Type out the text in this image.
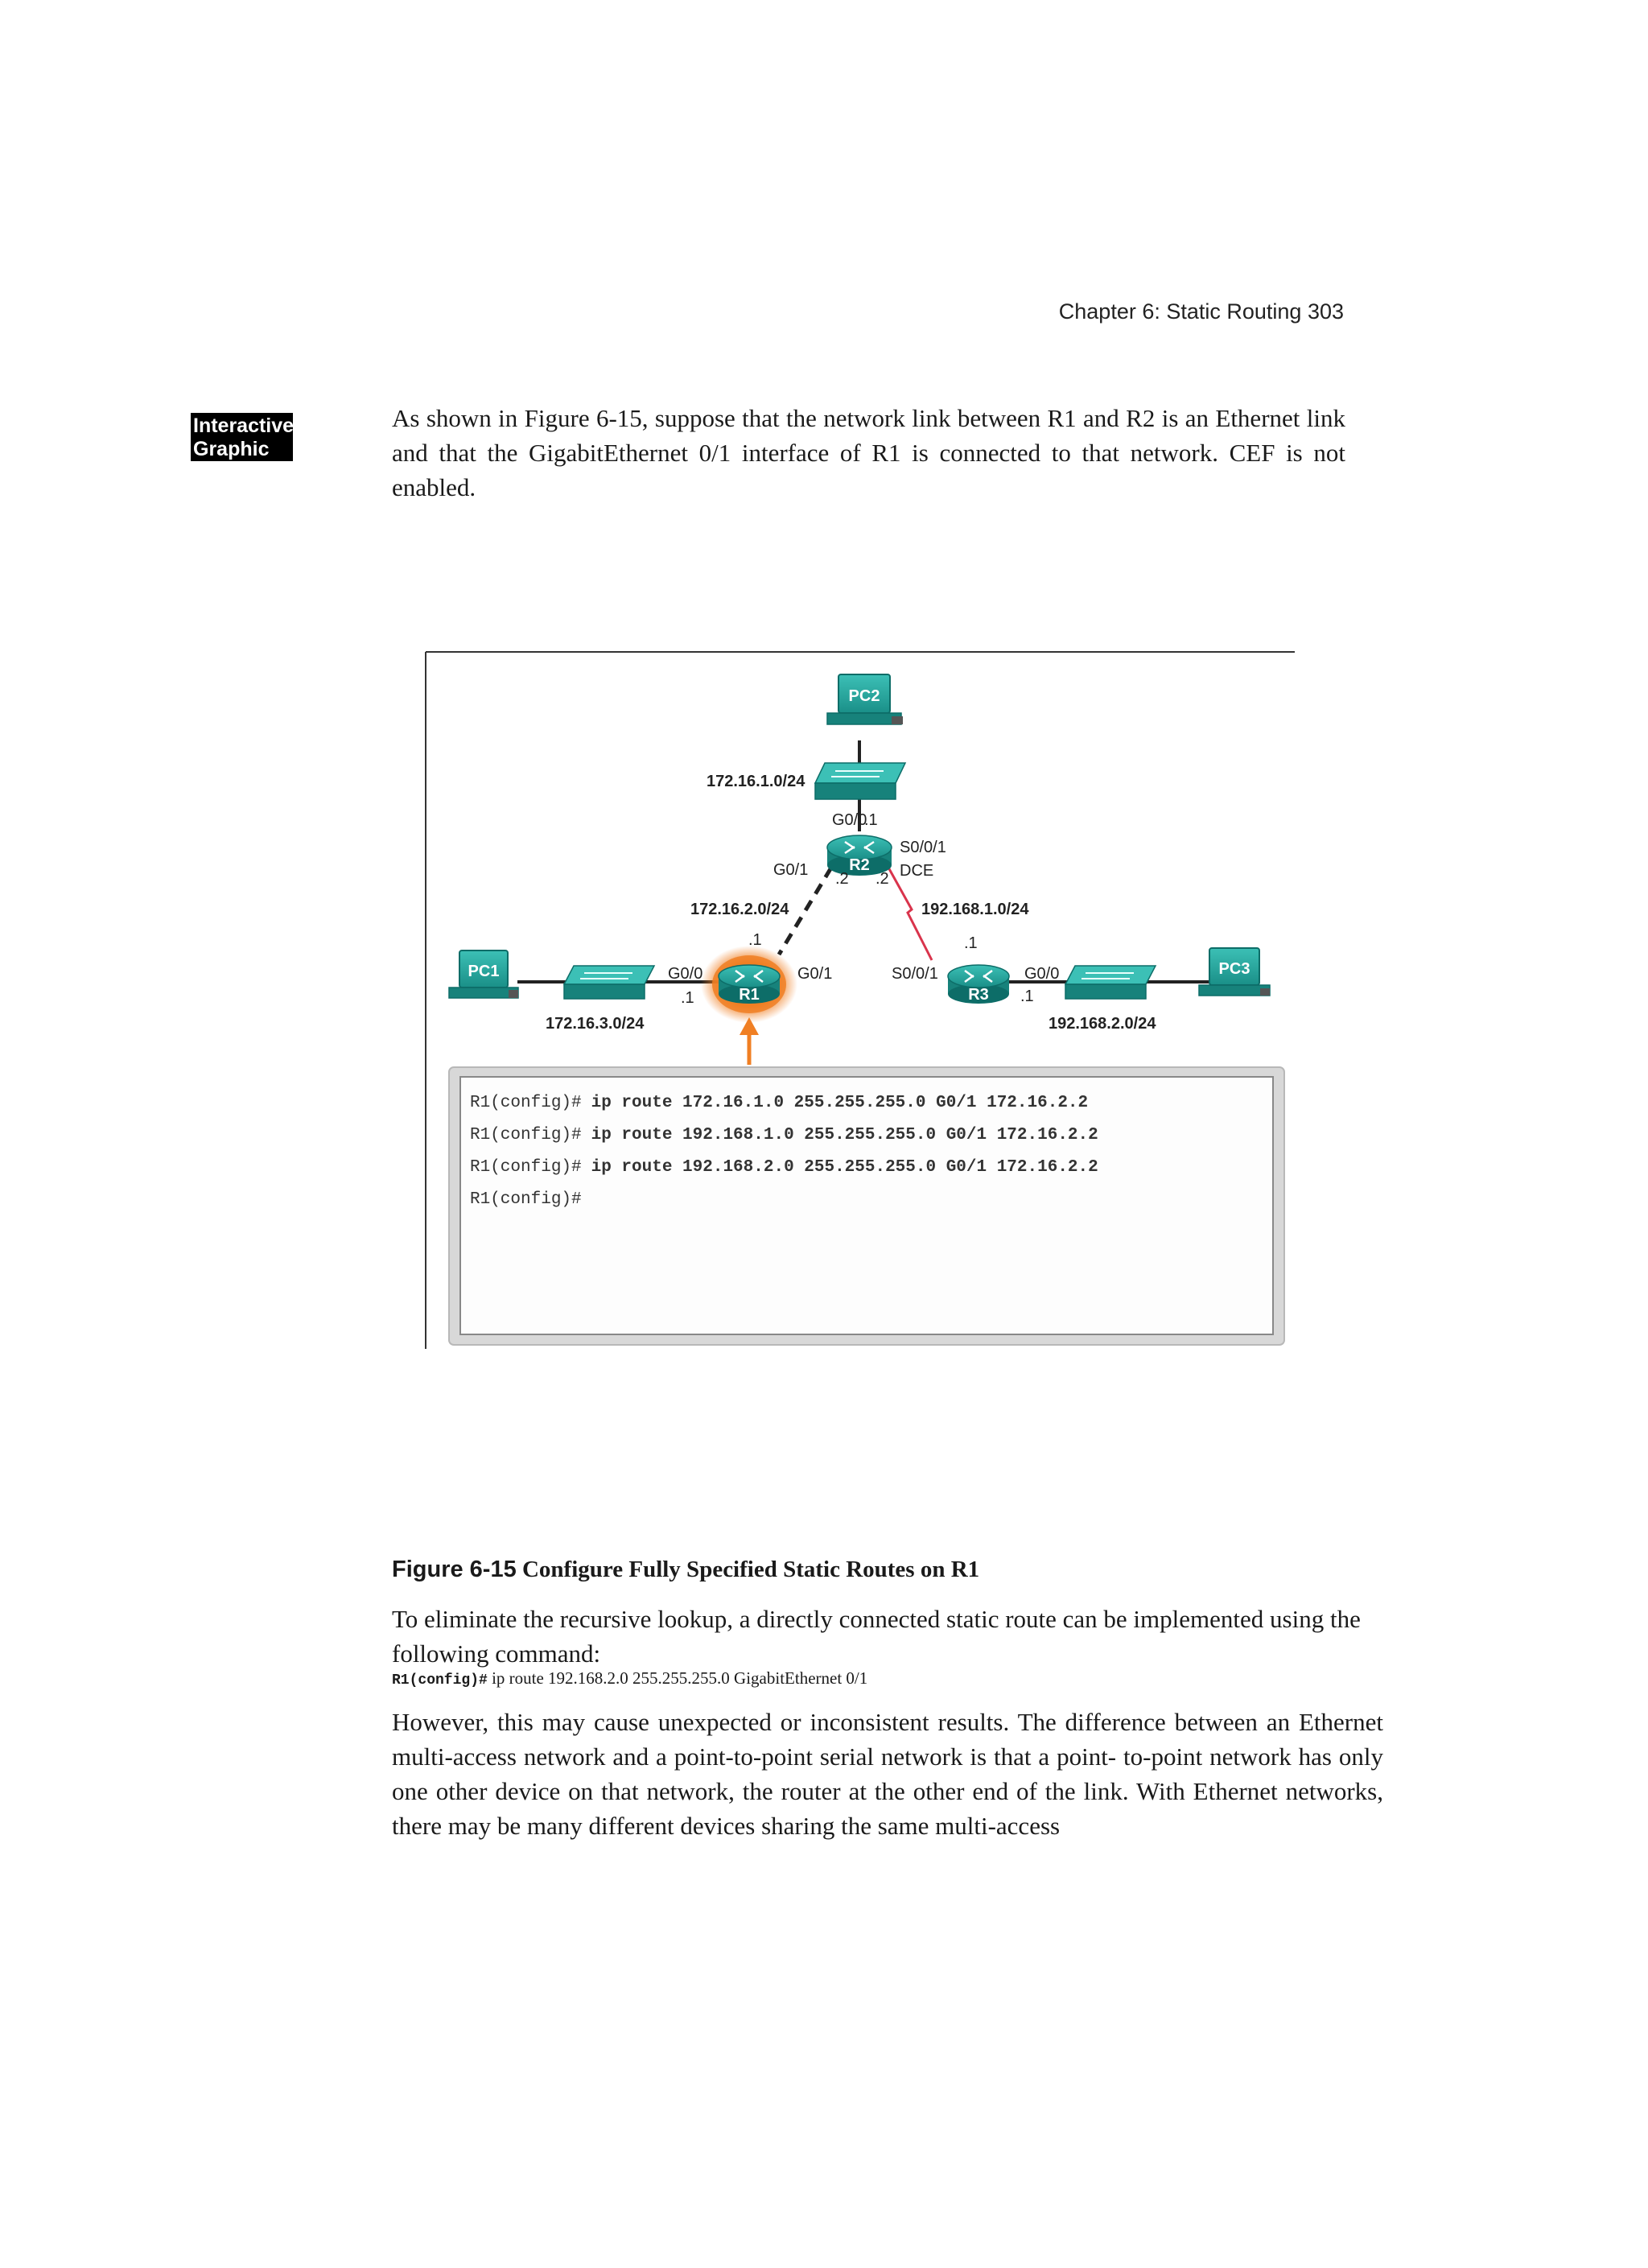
Chapter 6: Static Routing 303
Interactive
Graphic
As shown in Figure 6-15, suppose that the network link between R1 and R2 is an Ethernet link and that the GigabitEthernet 0/1 interface of R1 is connected to that network. CEF is not enabled.
PC2
172.16.1.0/24
G0/0
.1
R2
S0/0/1
G0/1 .2 .2 DCE
172.16.2.0/24	192.168.1.0/24
PC1
172.16.3.0/24
R1
.1
G0/0	G0/1
.1	R3
.1
S0/0/1	G0/0
.1
PC3
192.168.2.0/24
R1(config)# ip route 172.16.1.0 255.255.255.0 G0/1 172.16.2.2
R1(config)# ip route 192.168.1.0 255.255.255.0 G0/1 172.16.2.2
R1(config)# ip route 192.168.2.0 255.255.255.0 G0/1 172.16.2.2
R1(config)#
Figure 6-15 Configure Fully Specified Static Routes on R1
To eliminate the recursive lookup, a directly connected static route can be implemented using the following command:
R1(config)# ip route 192.168.2.0 255.255.255.0 GigabitEthernet 0/1
However, this may cause unexpected or inconsistent results. The difference between an Ethernet multi-access network and a point-to-point serial network is that a point- to-point network has only one other device on that network, the router at the other end of the link. With Ethernet networks, there may be many different devices sharing the same multi-access
